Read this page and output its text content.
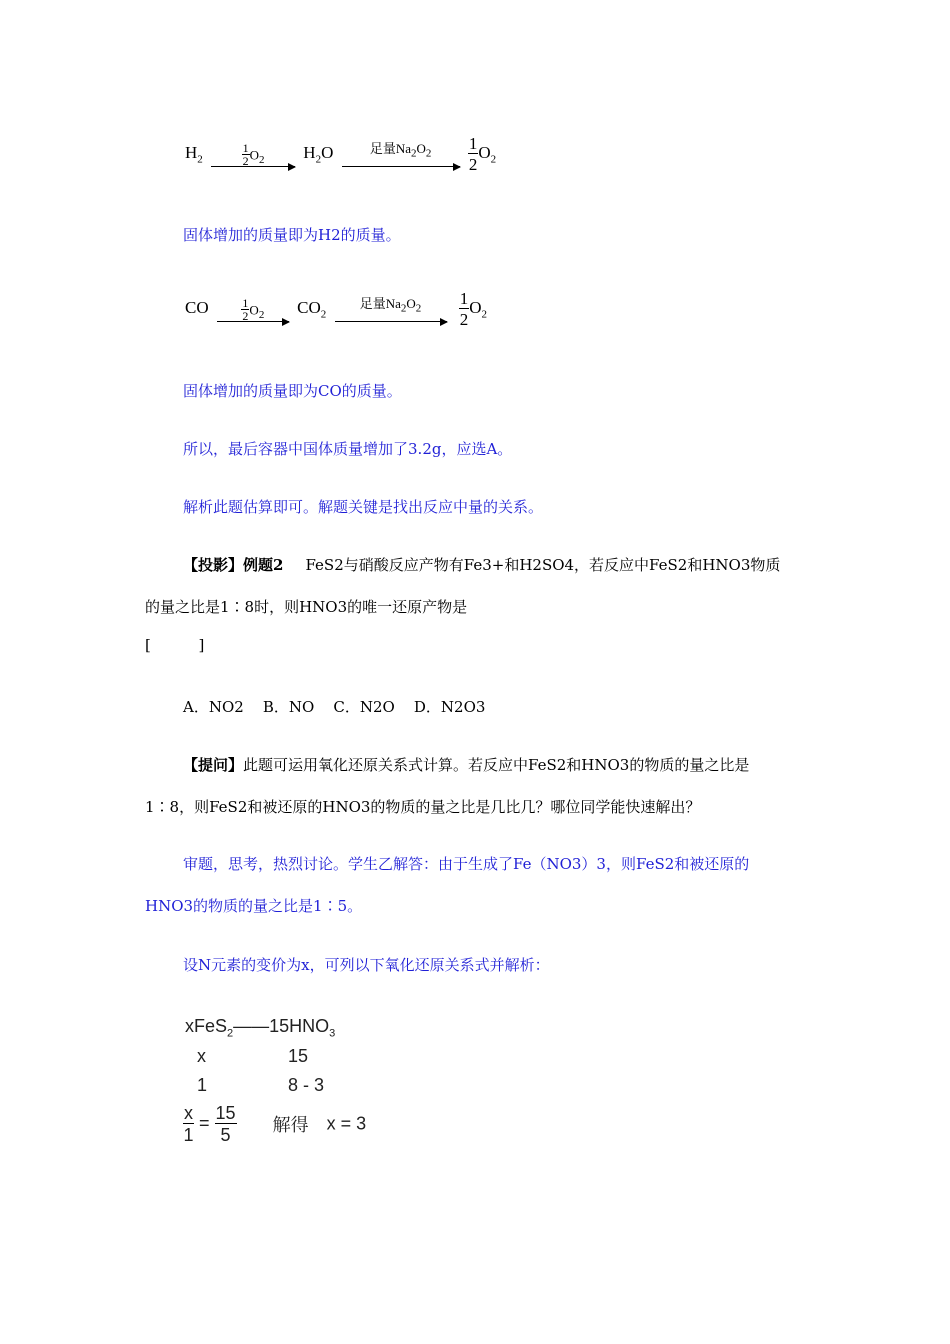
$H_2$	$\frac{1}{2} O_2$	$H_2O$	足量$Na_2O_2$
	$\frac{1}{2} O_2$
固体增加的质量即为H2的质量。
CO	$\frac{1}{2} O_2$	$CO_2$
足量$Na_2O_2$
	$\frac{1}{2} O_2$
固体增加的质量即为CO的质量。
所以，最后容器中国体质量增加了3.2g，应选A。
解析此题估算即可。解题关键是找出反应中量的关系。
【投影】例题2 FeS2与硝酸反应产物有Fe3+和H2SO4，若反应中FeS2和HNO3物质
的量之比是1∶8时，则HNO3的唯一还原产物是
[          ]
A．NO2    B．NO    C．N2O    D．N2O3
【提问】此题可运用氧化还原关系式计算。若反应中FeS2和HNO3的物质的量之比是
1∶8，则FeS2和被还原的HNO3的物质的量之比是几比几？哪位同学能快速解出？
审题，思考，热烈讨论。学生乙解答：由于生成了Fe（NO3）3，则FeS2和被还原的
HNO3的物质的量之比是1∶5。
设N元素的变价为x，可列以下氧化还原关系式并解析：
$xFeS_2——15HNO_3$
x	15
1	8 - 3
$\frac{x}{1} = \frac{15}{5}$ 解得 x = 3
